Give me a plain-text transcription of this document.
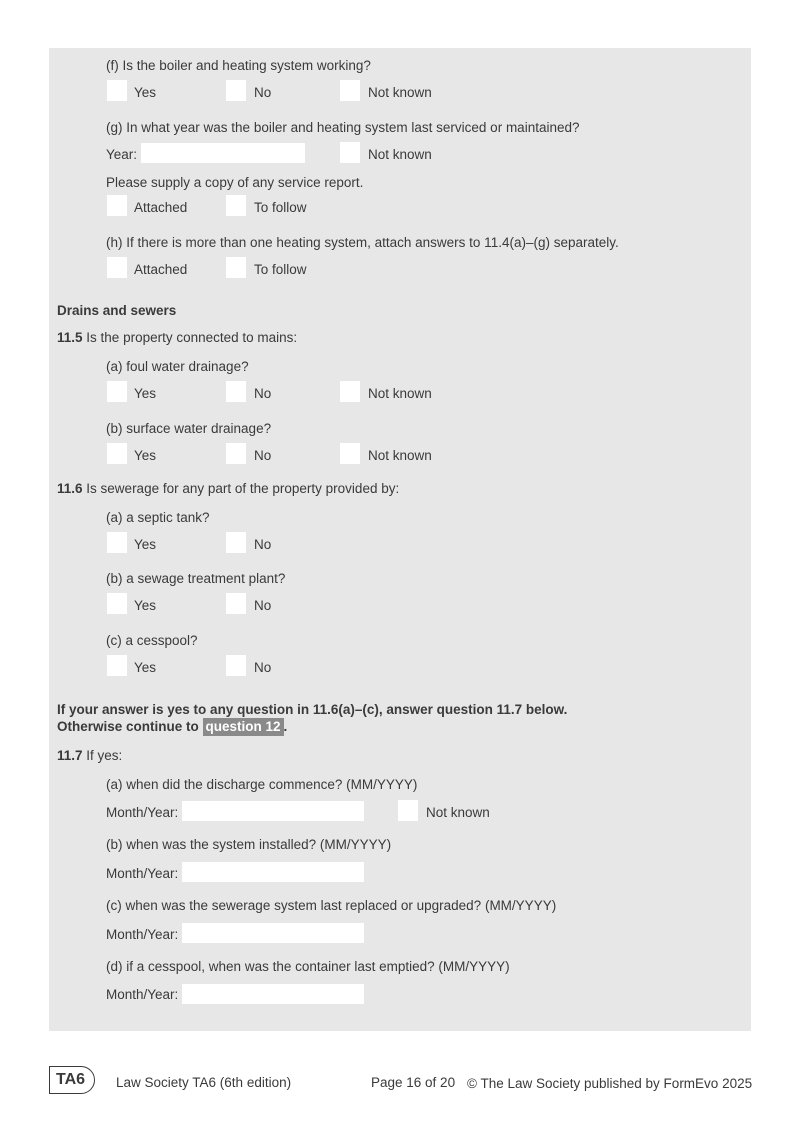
(f) Is the boiler and heating system working?
Yes	No	Not known
(g) In what year was the boiler and heating system last serviced or maintained?
Year:	Not known
Please supply a copy of any service report.
Attached	To follow
(h) If there is more than one heating system, attach answers to 11.4(a)–(g) separately.
Attached	To follow
Drains and sewers
11.5 Is the property connected to mains:
(a) foul water drainage?
Yes	No	Not known
(b) surface water drainage?
Yes	No	Not known
11.6 Is sewerage for any part of the property provided by:
(a) a septic tank?
Yes	No
(b) a sewage treatment plant?
Yes	No
(c) a cesspool?
Yes	No
If your answer is yes to any question in 11.6(a)–(c), answer question 11.7 below.
Otherwise continue to question 12 .
11.7 If yes:
(a) when did the discharge commence? (MM/YYYY)
Month/Year:	Not known
(b) when was the system installed? (MM/YYYY)
Month/Year:
(c) when was the sewerage system last replaced or upgraded? (MM/YYYY)
Month/Year:
(d) if a cesspool, when was the container last emptied? (MM/YYYY)
Month/Year:
TA6	Law Society TA6 (6th edition)	Page 16 of 20 © The Law Society published by FormEvo 2025
